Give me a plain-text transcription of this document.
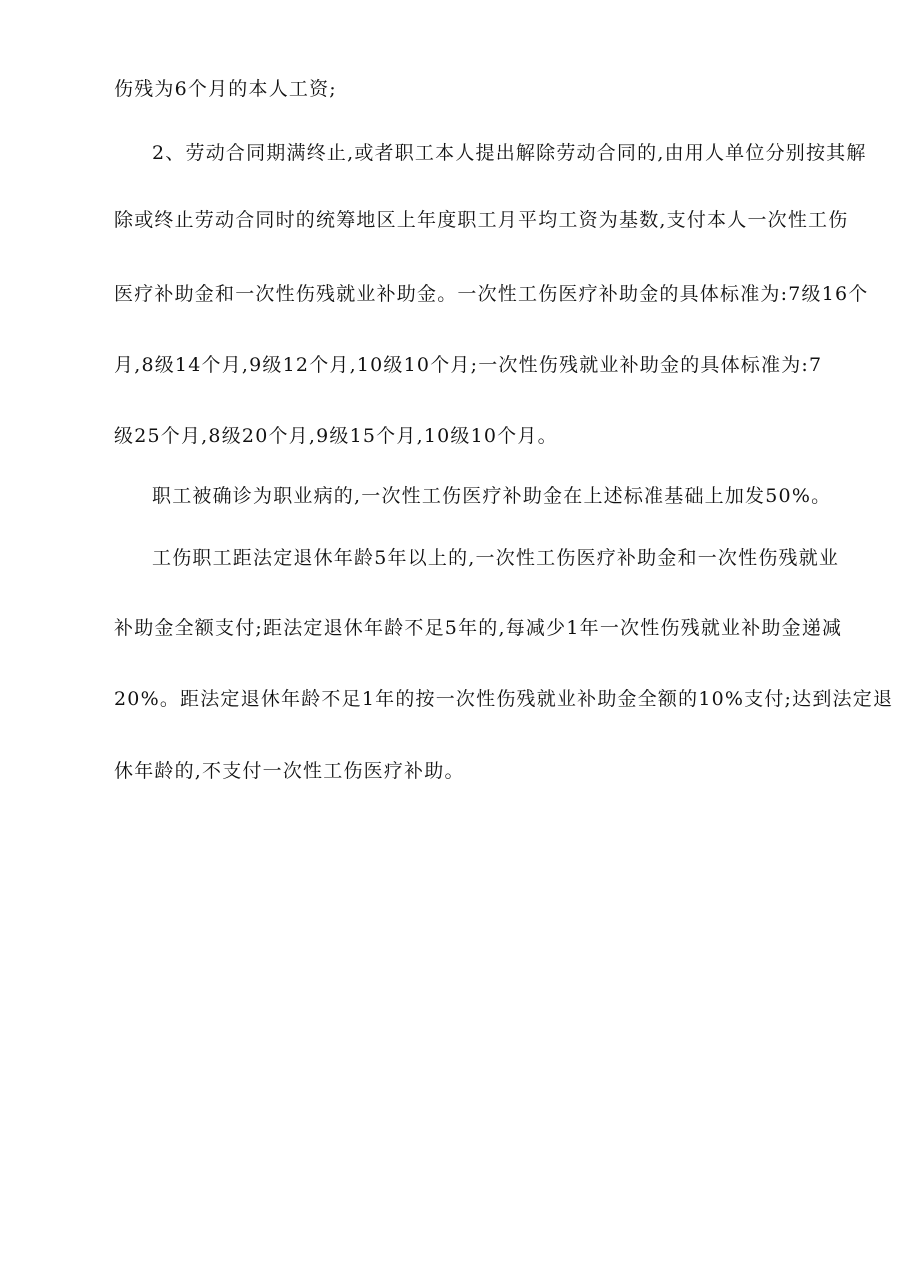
伤残为6个月的本人工资;
2、劳动合同期满终止,或者职工本人提出解除劳动合同的,由用人单位分别按其解
除或终止劳动合同时的统筹地区上年度职工月平均工资为基数,支付本人一次性工伤
医疗补助金和一次性伤残就业补助金。一次性工伤医疗补助金的具体标准为:7级16个
月,8级14个月,9级12个月,10级10个月;一次性伤残就业补助金的具体标准为:7
级25个月,8级20个月,9级15个月,10级10个月。
职工被确诊为职业病的,一次性工伤医疗补助金在上述标准基础上加发50%。
工伤职工距法定退休年龄5年以上的,一次性工伤医疗补助金和一次性伤残就业
补助金全额支付;距法定退休年龄不足5年的,每减少1年一次性伤残就业补助金递减
20%。距法定退休年龄不足1年的按一次性伤残就业补助金全额的10%支付;达到法定退
休年龄的,不支付一次性工伤医疗补助。
